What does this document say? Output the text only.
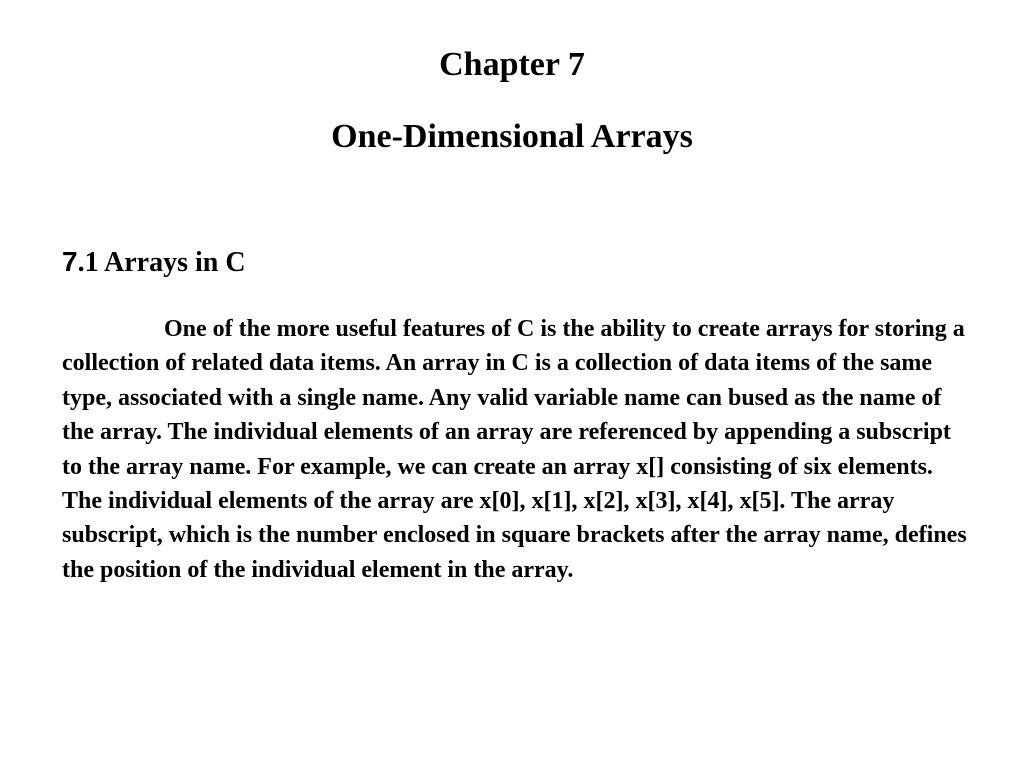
Chapter 7
One-Dimensional Arrays
7.1 Arrays in C

One of the more useful features of C is the ability to create arrays for storing a collection of related data items. An array in C is a collection of data items of the same type, associated with a single name. Any valid variable name can bused as the name of the array. The individual elements of an array are referenced by appending a subscript to the array name. For example, we can create an array x[] consisting of six elements. The individual elements of the array are x[0], x[1], x[2], x[3], x[4], x[5]. The array subscript, which is the number enclosed in square brackets after the array name, defines the position of the individual element in the array.
